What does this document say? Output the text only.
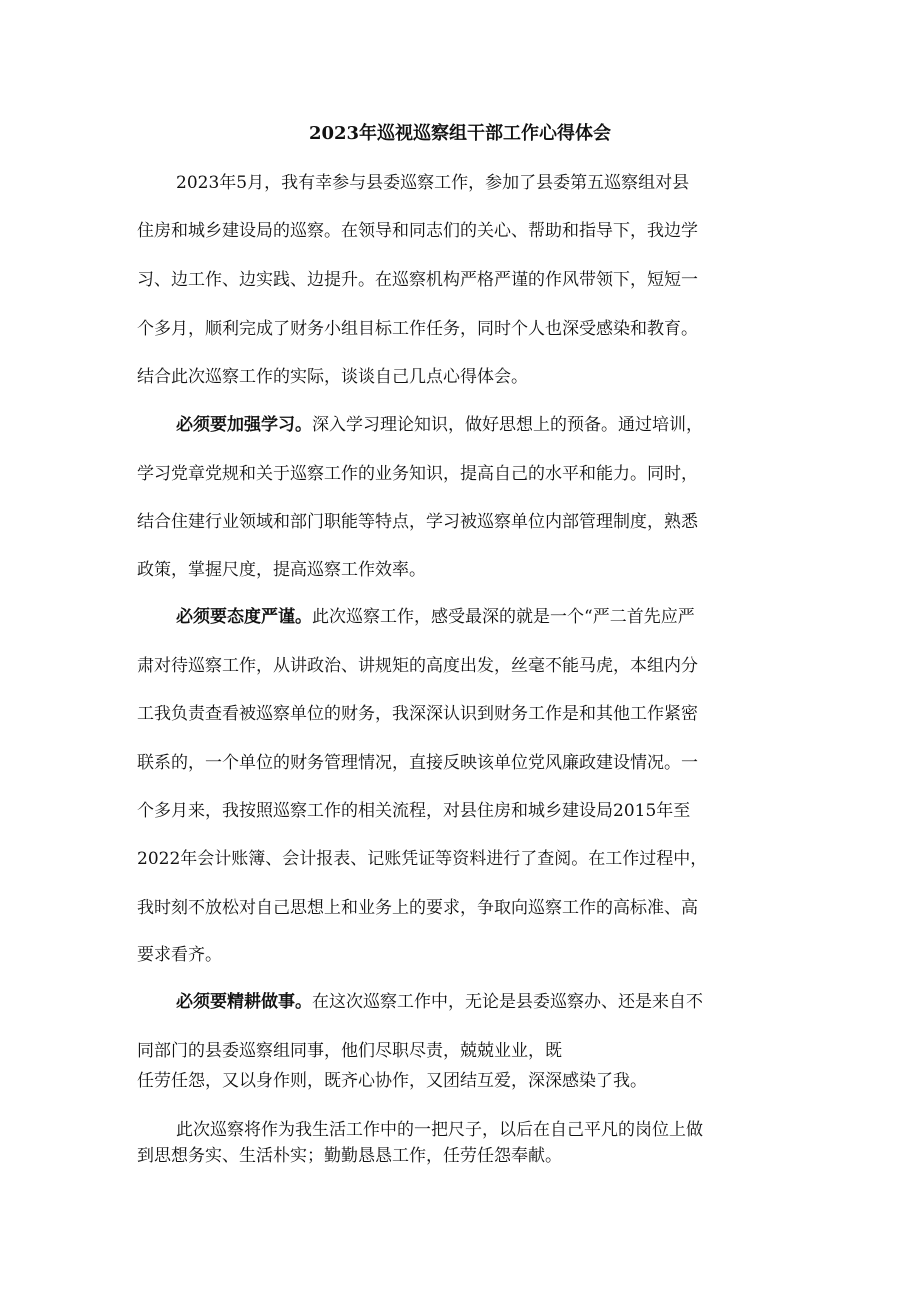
2023年巡视巡察组干部工作心得体会
2023年5月，我有幸参与县委巡察工作，参加了县委第五巡察组对县
住房和城乡建设局的巡察。在领导和同志们的关心、帮助和指导下，我边学
习、边工作、边实践、边提升。在巡察机构严格严谨的作风带领下，短短一
个多月，顺利完成了财务小组目标工作任务，同时个人也深受感染和教育。
结合此次巡察工作的实际，谈谈自己几点心得体会。
必须要加强学习。深入学习理论知识，做好思想上的预备。通过培训，
学习党章党规和关于巡察工作的业务知识，提高自己的水平和能力。同时，
结合住建行业领域和部门职能等特点，学习被巡察单位内部管理制度，熟悉
政策，掌握尺度，提高巡察工作效率。
必须要态度严谨。此次巡察工作，感受最深的就是一个“严二首先应严
肃对待巡察工作，从讲政治、讲规矩的高度出发，丝毫不能马虎，本组内分
工我负责查看被巡察单位的财务，我深深认识到财务工作是和其他工作紧密
联系的，一个单位的财务管理情况，直接反映该单位党风廉政建设情况。一
个多月来，我按照巡察工作的相关流程，对县住房和城乡建设局2015年至
2022年会计账簿、会计报表、记账凭证等资料进行了查阅。在工作过程中，
我时刻不放松对自己思想上和业务上的要求，争取向巡察工作的高标准、高
要求看齐。
必须要精耕做事。在这次巡察工作中，无论是县委巡察办、还是来自不
同部门的县委巡察组同事，他们尽职尽责，兢兢业业，既
任劳任怨，又以身作则，既齐心协作，又团结互爱，深深感染了我。
此次巡察将作为我生活工作中的一把尺子，以后在自己平凡的岗位上做
到思想务实、生活朴实；勤勤恳恳工作，任劳任怨奉献。
